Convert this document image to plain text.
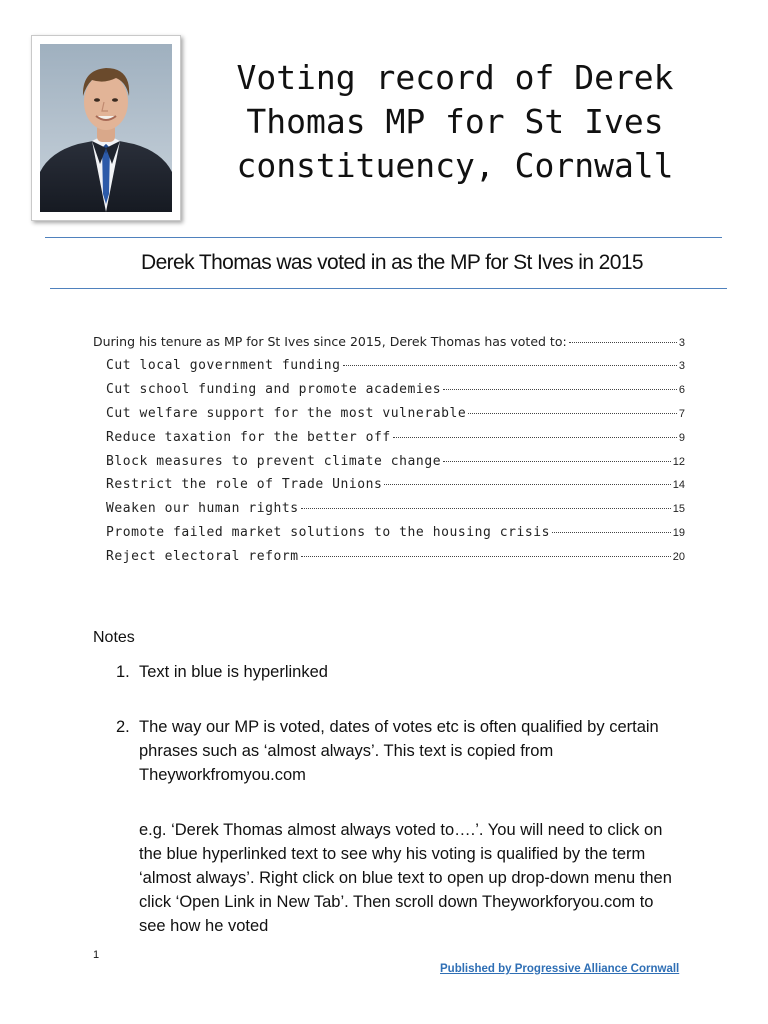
Voting record of Derek
Thomas MP for St Ives
constituency, Cornwall
Derek Thomas was voted in as the MP for St Ives in 2015
During his tenure as MP for St Ives since 2015, Derek Thomas has voted to:	3
Cut local government funding	3
Cut school funding and promote academies	6
Cut welfare support for the most vulnerable	7
Reduce taxation for the better off	9
Block measures to prevent climate change	12
Restrict the role of Trade Unions	14
Weaken our human rights	15
Promote failed market solutions to the housing crisis	19
Reject electoral reform	20
Notes
1. Text in blue is hyperlinked
2. The way our MP is voted, dates of votes etc is often qualified by certain phrases such as ‘almost always’. This text is copied from Theyworkfromyou.com
e.g. ‘Derek Thomas almost always voted to….’. You will need to click on the blue hyperlinked text to see why his voting is qualified by the term ‘almost always’. Right click on blue text to open up drop-down menu then click ‘Open Link in New Tab’. Then scroll down Theyworkforyou.com to see how he voted
1
Published by Progressive Alliance Cornwall
